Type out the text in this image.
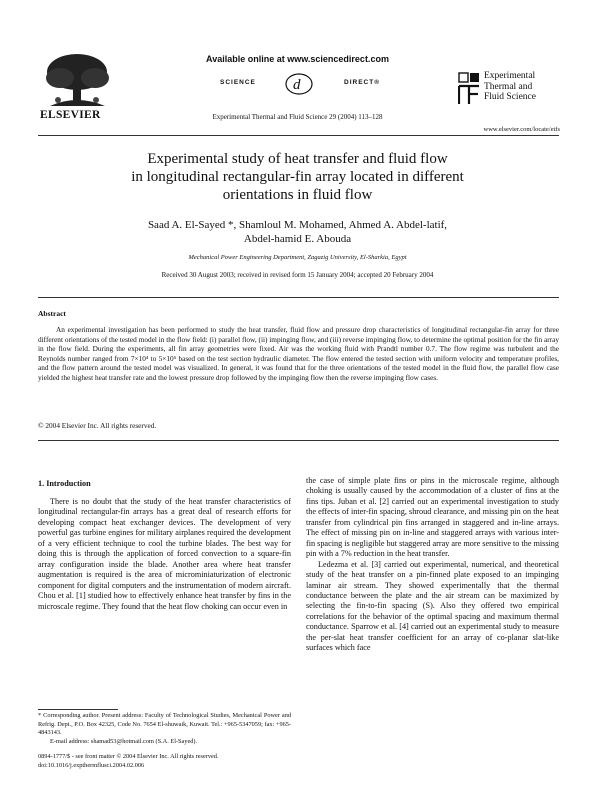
ELSEVIER
Available online at www.sciencedirect.com
SCIENCE d	DIRECT®
Experimental Thermal and Fluid Science 29 (2004) 113–128
Experimental
Thermal and
Fluid Science
www.elsevier.com/locate/etfs
Experimental study of heat transfer and fluid flow
in longitudinal rectangular-fin array located in different
orientations in fluid flow
Saad A. El-Sayed *, Shamloul M. Mohamed, Ahmed A. Abdel-latif,
Abdel-hamid E. Abouda
Mechanical Power Engineering Department, Zagazig University, El-Sharkia, Egypt
Received 30 August 2003; received in revised form 15 January 2004; accepted 20 February 2004
Abstract
An experimental investigation has been performed to study the heat transfer, fluid flow and pressure drop characteristics of longitudinal rectangular-fin array for three different orientations of the tested model in the flow field: (i) parallel flow, (ii) impinging flow, and (iii) reverse impinging flow, to determine the optimal position for the fin array in the flow field. During the experiments, all fin array geometries were fixed. Air was the working fluid with Prandtl number 0.7. The flow regime was turbulent and the Reynolds number ranged from 7×10⁴ to 5×10⁵ based on the test section hydraulic diameter. The flow entered the tested section with uniform velocity and temperature profiles, and the flow pattern around the tested model was visualized. In general, it was found that for the three orientations of the tested model in the fluid flow, the parallel flow case yielded the highest heat transfer rate and the lowest pressure drop followed by the impinging flow then the reverse impinging flow cases.
© 2004 Elsevier Inc. All rights reserved.
1. Introduction

There is no doubt that the study of the heat transfer characteristics of longitudinal rectangular-fin arrays has a great deal of research efforts for developing compact heat exchanger devices. The development of very powerful gas turbine engines for military airplanes required the development of a very efficient technique to cool the turbine blades. The best way for doing this is through the application of forced convection to a square-fin array configuration inside the blade. Another area where heat transfer augmentation is required is the area of microminiaturization of electronic component for digital computers and the instrumentation of modern aircraft. Chou et al. [1] studied how to effectively enhance heat transfer by fins in the microscale regime. They found that the heat flow choking can occur even in

the case of simple plate fins or pins in the microscale regime, although choking is usually caused by the accommodation of a cluster of fins at the fins tips. Juban et al. [2] carried out an experimental investigation to study the effects of inter-fin spacing, shroud clearance, and missing pin on the heat transfer from cylindrical pin fins arranged in staggered and in-line arrays. The effect of missing pin on in-line and staggered arrays with various inter-fin spacing is negligible but staggered array are more sensitive to the missing pin with a 7% reduction in the heat transfer.

Ledezma et al. [3] carried out experimental, numerical, and theoretical study of the heat transfer on a pin-finned plate exposed to an impinging laminar air stream. They showed experimentally that the thermal conductance between the plate and the air stream can be maximized by selecting the fin-to-fin spacing (S). Also they offered two empirical correlations for the behavior of the optimal spacing and maximum thermal conductance. Sparrow et al. [4] carried out an experimental study to measure the per-slat heat transfer coefficient for an array of co-planar slat-like surfaces which face

* Corresponding author. Present address: Faculty of Technological Studies, Mechanical Power and Refrig. Dept., P.O. Box 42325, Code No. 7654 El-shuwaik, Kuwait. Tel.: +965-5347059; fax: +965-4843143.
E-mail address: shamad53@hotmail.com (S.A. El-Sayed).
0894-1777/$ - see front matter © 2004 Elsevier Inc. All rights reserved.
doi:10.1016/j.expthermflusci.2004.02.006
